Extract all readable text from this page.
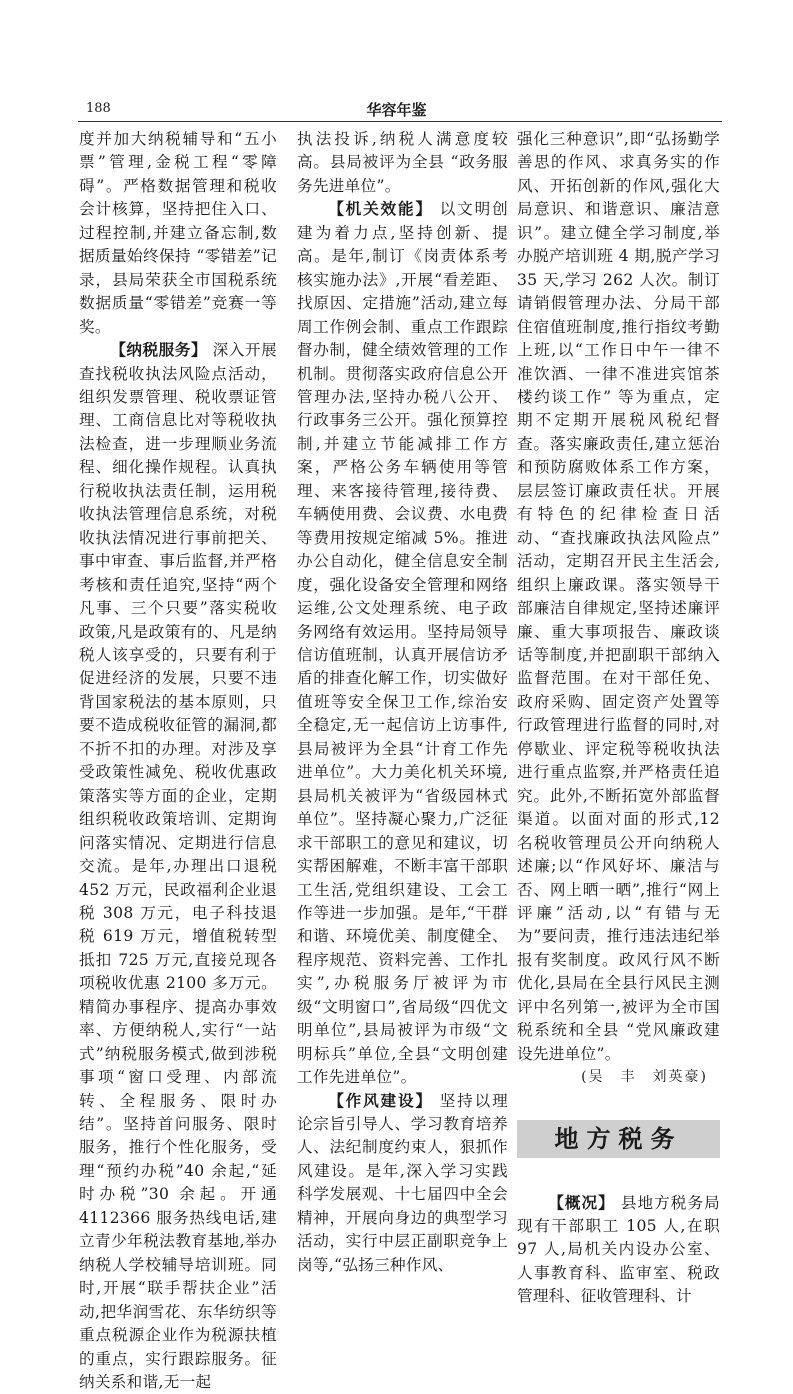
188	华容年鉴

度并加大纳税辅导和“五小票”管理,金税工程“零障碍”。严格数据管理和税收会计核算，坚持把住入口、过程控制,并建立备忘制,数据质量始终保持 “零错差”记录，县局荣获全市国税系统数据质量“零错差”竞赛一等奖。

【纳税服务】 深入开展查找税收执法风险点活动，组织发票管理、税收票证管理、工商信息比对等税收执法检查，进一步理顺业务流程、细化操作规程。认真执行税收执法责任制，运用税收执法管理信息系统，对税收执法情况进行事前把关、事中审查、事后监督,并严格考核和责任追究,坚持“两个凡事、三个只要”落实税收政策,凡是政策有的、凡是纳税人该享受的，只要有利于促进经济的发展，只要不违背国家税法的基本原则，只要不造成税收征管的漏洞,都不折不扣的办理。对涉及享受政策性减免、税收优惠政策落实等方面的企业，定期组织税收政策培训、定期询问落实情况、定期进行信息交流。是年,办理出口退税 452 万元，民政福利企业退税 308 万元，电子科技退税 619 万元，增值税转型抵扣 725 万元,直接兑现各项税收优惠 2100 多万元。精简办事程序、提高办事效率、方便纳税人,实行“一站式”纳税服务模式,做到涉税事项“窗口受理、内部流转、全程服务、限时办结”。坚持首问服务、限时服务，推行个性化服务，受理“预约办税”40 余起,“延时办税”30 余起。开通 4112366 服务热线电话,建立青少年税法教育基地,举办纳税人学校辅导培训班。同时,开展“联手帮扶企业”活动,把华润雪花、东华纺织等重点税源企业作为税源扶植的重点，实行跟踪服务。征纳关系和谐,无一起

执法投诉,纳税人满意度较高。县局被评为全县 “政务服务先进单位”。

【机关效能】 以文明创建为着力点,坚持创新、提高。是年,制订《岗责体系考核实施办法》,开展“看差距、找原因、定措施”活动,建立每周工作例会制、重点工作跟踪督办制，健全绩效管理的工作机制。贯彻落实政府信息公开管理办法,坚持办税八公开、行政事务三公开。强化预算控制,并建立节能减排工作方案，严格公务车辆使用等管理、来客接待管理,接待费、车辆使用费、会议费、水电费等费用按规定缩减 5%。推进办公自动化，健全信息安全制度，强化设备安全管理和网络运维,公文处理系统、电子政务网络有效运用。坚持局领导信访值班制，认真开展信访矛盾的排查化解工作，切实做好值班等安全保卫工作,综治安全稳定,无一起信访上访事件,县局被评为全县“计育工作先进单位”。大力美化机关环境,县局机关被评为“省级园林式单位”。坚持凝心聚力,广泛征求干部职工的意见和建议，切实帮困解难，不断丰富干部职工生活,党组织建设、工会工作等进一步加强。是年,“干群和谐、环境优美、制度健全、程序规范、资料完善、工作扎实”,办税服务厅被评为市级“文明窗口”,省局级“四优文明单位”,县局被评为市级“文明标兵”单位,全县“文明创建工作先进单位”。

【作风建设】 坚持以理论宗旨引导人、学习教育培养人、法纪制度约束人，狠抓作风建设。是年,深入学习实践科学发展观、十七届四中全会精神，开展向身边的典型学习活动，实行中层正副职竞争上岗等,“弘扬三种作风、

强化三种意识”,即“弘扬勤学善思的作风、求真务实的作风、开拓创新的作风,强化大局意识、和谐意识、廉洁意识”。建立健全学习制度,举办脱产培训班 4 期,脱产学习 35 天,学习 262 人次。制订请销假管理办法、分局干部住宿值班制度,推行指纹考勤上班,以“工作日中午一律不准饮酒、一律不准进宾馆茶楼约谈工作” 等为重点，定期不定期开展税风税纪督查。落实廉政责任,建立惩治和预防腐败体系工作方案，层层签订廉政责任状。开展有特色的纪律检查日活动、“查找廉政执法风险点” 活动，定期召开民主生活会,组织上廉政课。落实领导干部廉洁自律规定,坚持述廉评廉、重大事项报告、廉政谈话等制度,并把副职干部纳入监督范围。在对干部任免、政府采购、固定资产处置等行政管理进行监督的同时,对停歇业、评定税等税收执法进行重点监察,并严格责任追究。此外,不断拓宽外部监督渠道。以面对面的形式,12 名税收管理员公开向纳税人述廉;以“作风好坏、廉洁与否、网上晒一晒”,推行“网上评廉”活动,以“有错与无为”要问责，推行违法违纪举报有奖制度。政风行风不断优化,县局在全县行风民主测评中名列第一,被评为全市国税系统和全县 “党风廉政建设先进单位”。

(吴　丰　刘英豪)

地方税务

【概况】 县地方税务局现有干部职工 105 人,在职 97 人,局机关内设办公室、人事教育科、监审室、税政管理科、征收管理科、计
